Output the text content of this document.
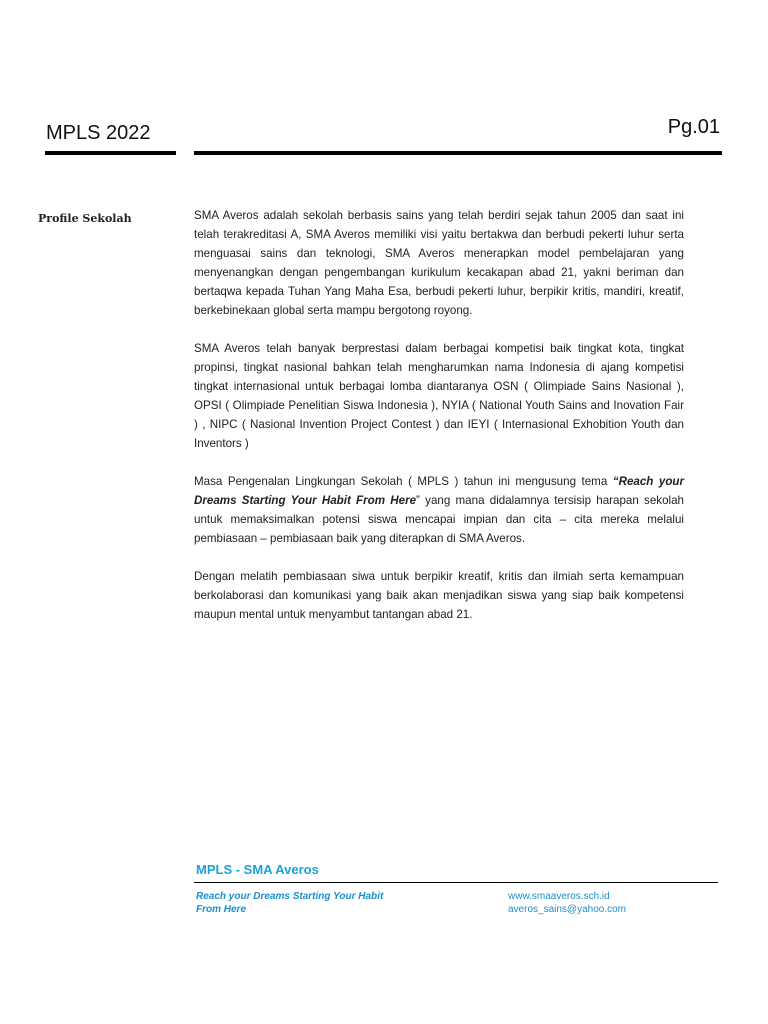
MPLS 2022	Pg.01
Profile Sekolah	SMA Averos adalah sekolah berbasis sains yang telah berdiri sejak tahun 2005 dan saat ini telah terakreditasi A, SMA Averos memiliki visi yaitu bertakwa dan berbudi pekerti luhur serta menguasai sains dan teknologi, SMA Averos menerapkan model pembelajaran yang menyenangkan dengan pengembangan kurikulum kecakapan abad 21, yakni beriman dan bertaqwa kepada Tuhan Yang Maha Esa, berbudi pekerti luhur, berpikir kritis, mandiri, kreatif, berkebinekaan global serta mampu bergotong royong.

SMA Averos telah banyak berprestasi dalam berbagai kompetisi baik tingkat kota, tingkat propinsi, tingkat nasional bahkan telah mengharumkan nama Indonesia di ajang kompetisi tingkat internasional untuk berbagai lomba diantaranya OSN ( Olimpiade Sains Nasional ), OPSI ( Olimpiade Penelitian Siswa Indonesia ), NYIA ( National Youth Sains and Inovation Fair ) , NIPC ( Nasional Invention Project Contest ) dan IEYI ( Internasional Exhobition Youth dan Inventors )

Masa Pengenalan Lingkungan Sekolah ( MPLS ) tahun ini mengusung tema “Reach your Dreams Starting Your Habit From Here” yang mana didalamnya tersisip harapan sekolah untuk memaksimalkan potensi siswa mencapai impian dan cita – cita mereka melalui pembiasaan – pembiasaan baik yang diterapkan di SMA Averos.

Dengan melatih pembiasaan siwa untuk berpikir kreatif, kritis dan ilmiah serta kemampuan berkolaborasi dan komunikasi yang baik akan menjadikan siswa yang siap baik kompetensi maupun mental untuk menyambut tantangan abad 21.

MPLS - SMA Averos
Reach your Dreams Starting Your Habit
From Here
www.smaaveros.sch.id
averos_sains@yahoo.com
